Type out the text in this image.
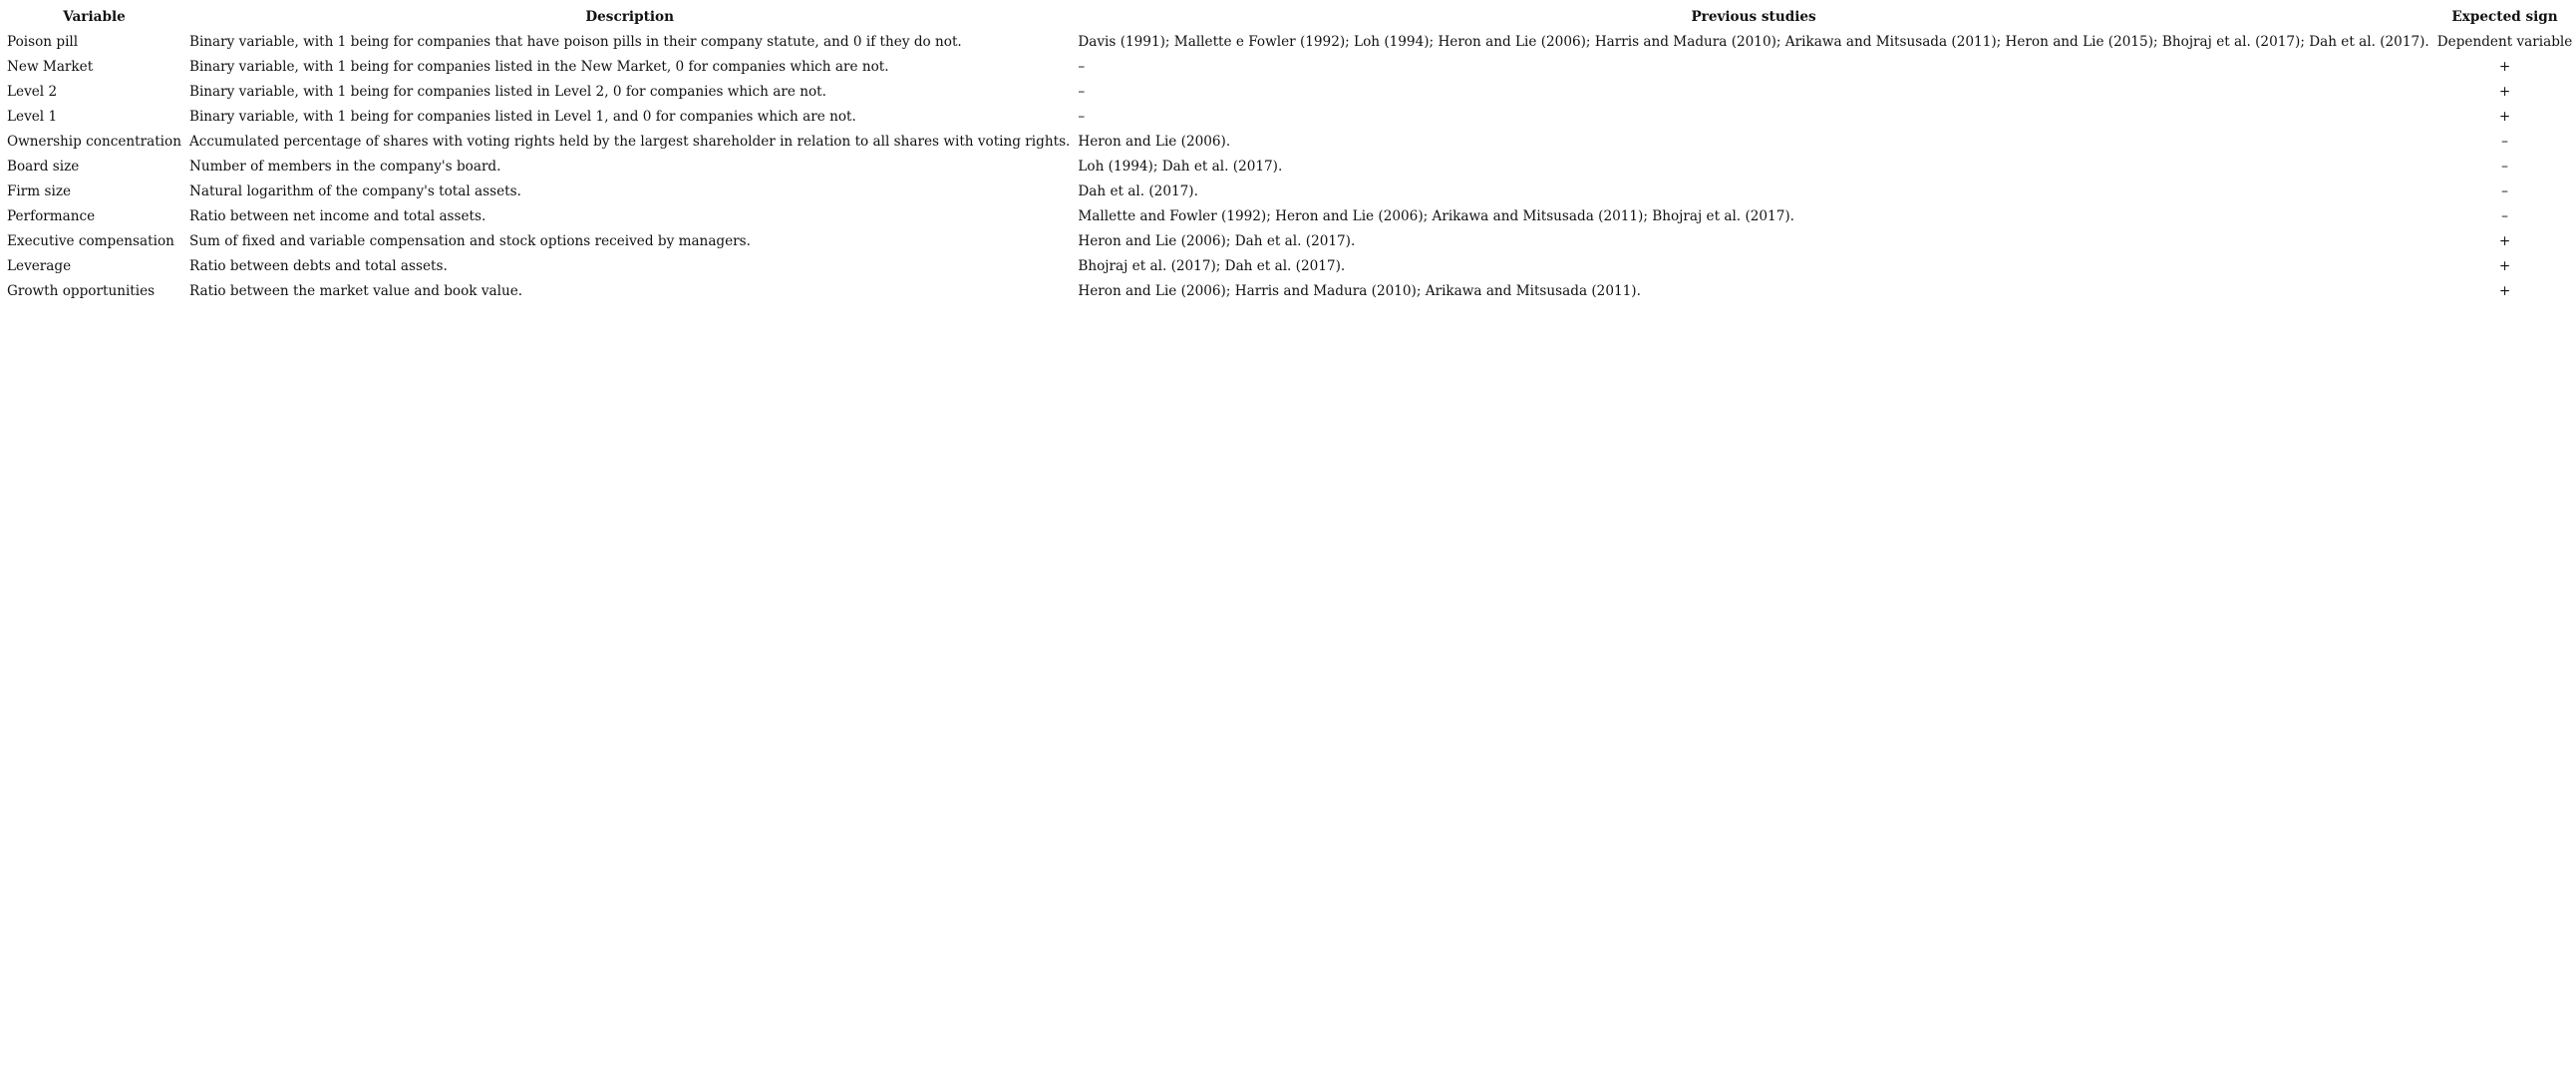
Variable	Description	Previous studies	Expected sign
Poison pill	Binary variable, with 1 being for companies that have poison pills in their company statute, and 0 if they do not.	Davis (1991); Mallette e Fowler (1992); Loh (1994); Heron and Lie (2006); Harris and Madura (2010); Arikawa and Mitsusada (2011); Heron and Lie (2015); Bhojraj et al. (2017); Dah et al. (2017).	Dependent variable
New Market	Binary variable, with 1 being for companies listed in the New Market, 0 for companies which are not.	–	+
Level 2	Binary variable, with 1 being for companies listed in Level 2, 0 for companies which are not.	–	+
Level 1	Binary variable, with 1 being for companies listed in Level 1, and 0 for companies which are not.	–	+
Ownership concentration	Accumulated percentage of shares with voting rights held by the largest shareholder in relation to all shares with voting rights.	Heron and Lie (2006).	–
Board size	Number of members in the company's board.	Loh (1994); Dah et al. (2017).	–
Firm size	Natural logarithm of the company's total assets.	Dah et al. (2017).	–
Performance	Ratio between net income and total assets.	Mallette and Fowler (1992); Heron and Lie (2006); Arikawa and Mitsusada (2011); Bhojraj et al. (2017).	–
Executive compensation	Sum of fixed and variable compensation and stock options received by managers.	Heron and Lie (2006); Dah et al. (2017).	+
Leverage	Ratio between debts and total assets.	Bhojraj et al. (2017); Dah et al. (2017).	+
Growth opportunities	Ratio between the market value and book value.	Heron and Lie (2006); Harris and Madura (2010); Arikawa and Mitsusada (2011).	+
